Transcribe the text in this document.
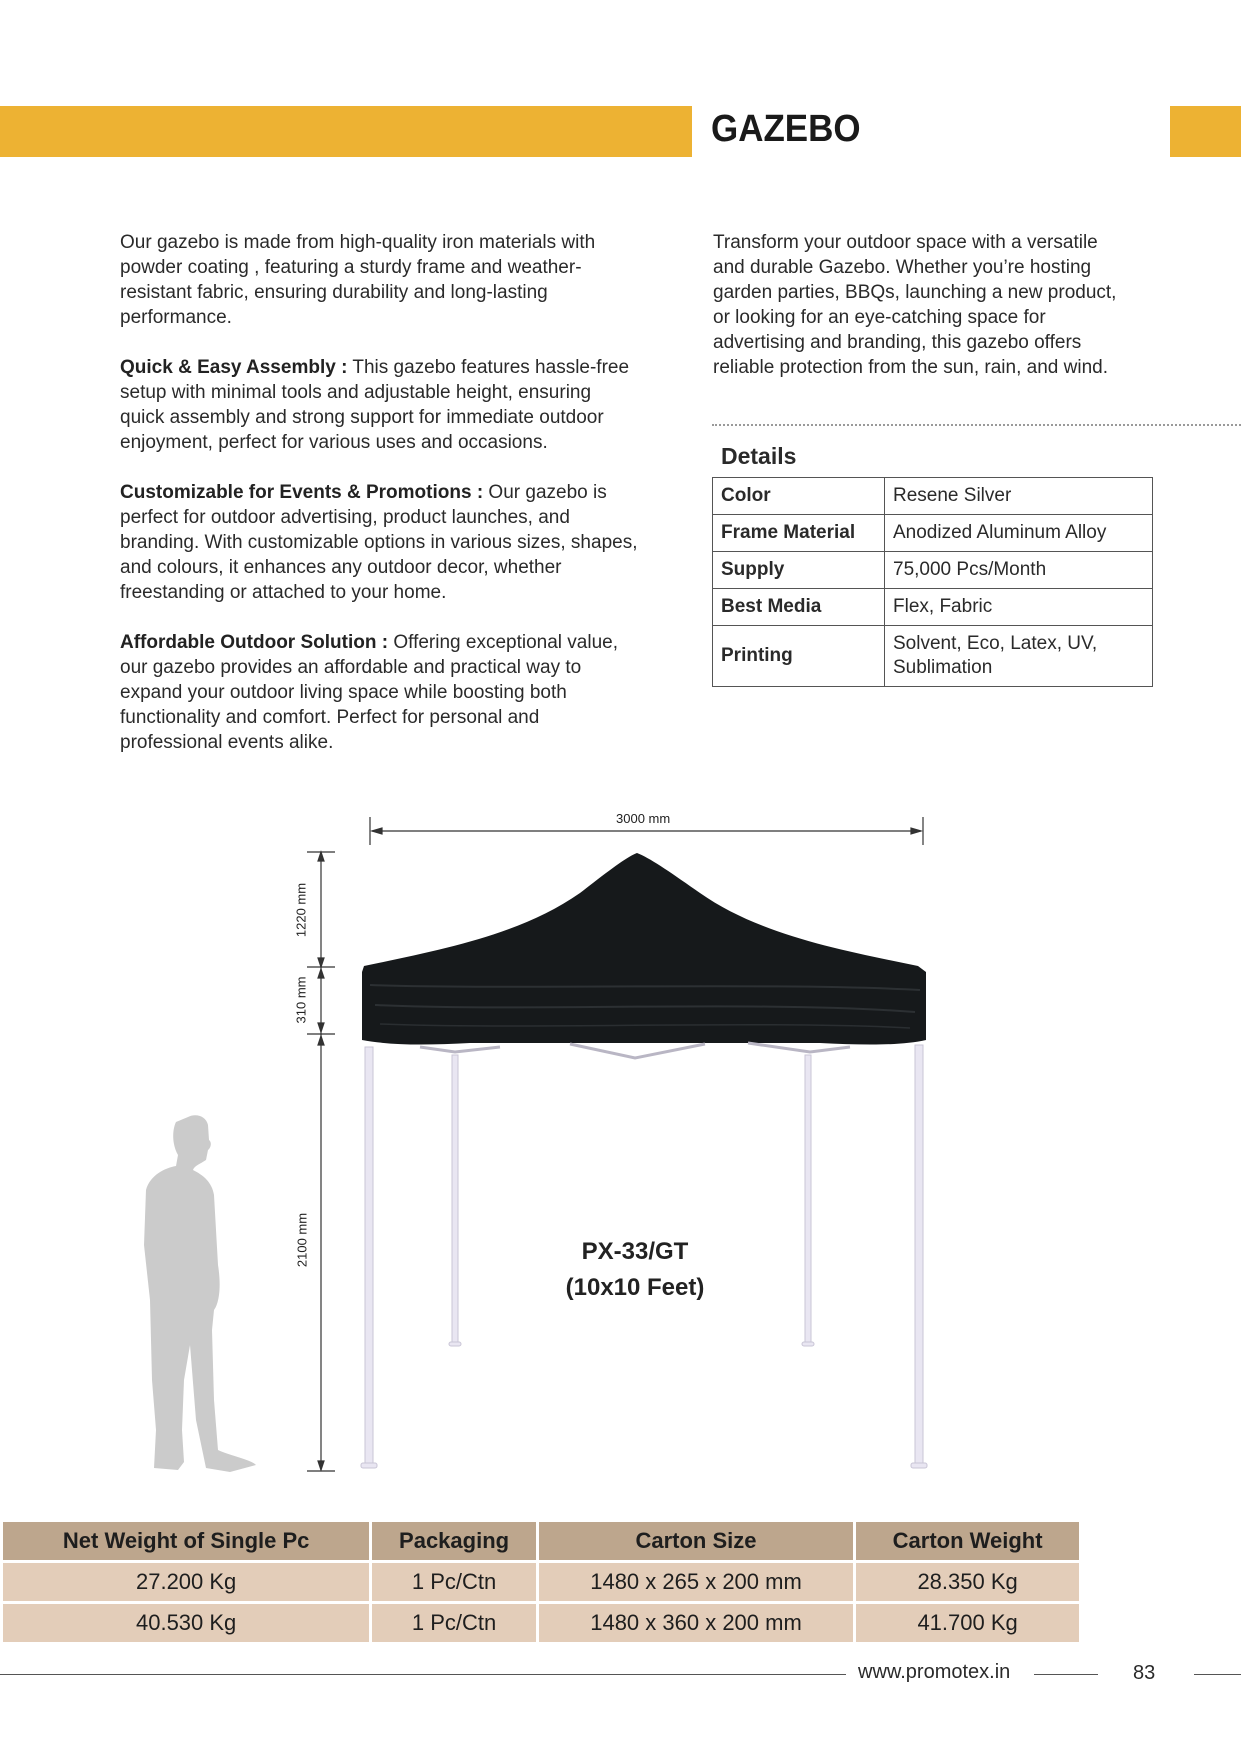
GAZEBO

Our gazebo is made from high-quality iron materials with powder coating , featuring a sturdy frame and weather-resistant fabric, ensuring durability and long-lasting performance.

Quick & Easy Assembly : This gazebo features hassle-free setup with minimal tools and adjustable height, ensuring quick assembly and strong support for immediate outdoor enjoyment, perfect for various uses and occasions.

Customizable for Events & Promotions : Our gazebo is perfect for outdoor advertising, product launches, and branding. With customizable options in various sizes, shapes, and colours, it enhances any outdoor decor, whether freestanding or attached to your home.

Affordable Outdoor Solution : Offering exceptional value, our gazebo provides an affordable and practical way to expand your outdoor living space while boosting both functionality and comfort. Perfect for personal and professional events alike.

Transform your outdoor space with a versatile and durable Gazebo. Whether you’re hosting garden parties, BBQs, launching a new product, or looking for an eye-catching space for advertising and branding, this gazebo offers reliable protection from the sun, rain, and wind.

Details
Color	Resene Silver
Frame Material	Anodized Aluminum Alloy
Supply	75,000 Pcs/Month
Best Media	Flex, Fabric
Printing	Solvent, Eco, Latex, UV, Sublimation
3000 mm
1220 mm
310 mm
2100 mm	PX-33/GT
(10x10 Feet)
Net Weight of Single Pc	Packaging	Carton Size	Carton Weight
27.200 Kg	1 Pc/Ctn	1480 x 265 x 200 mm	28.350 Kg
40.530 Kg	1 Pc/Ctn	1480 x 360 x 200 mm	41.700 Kg
www.promotex.in	83
